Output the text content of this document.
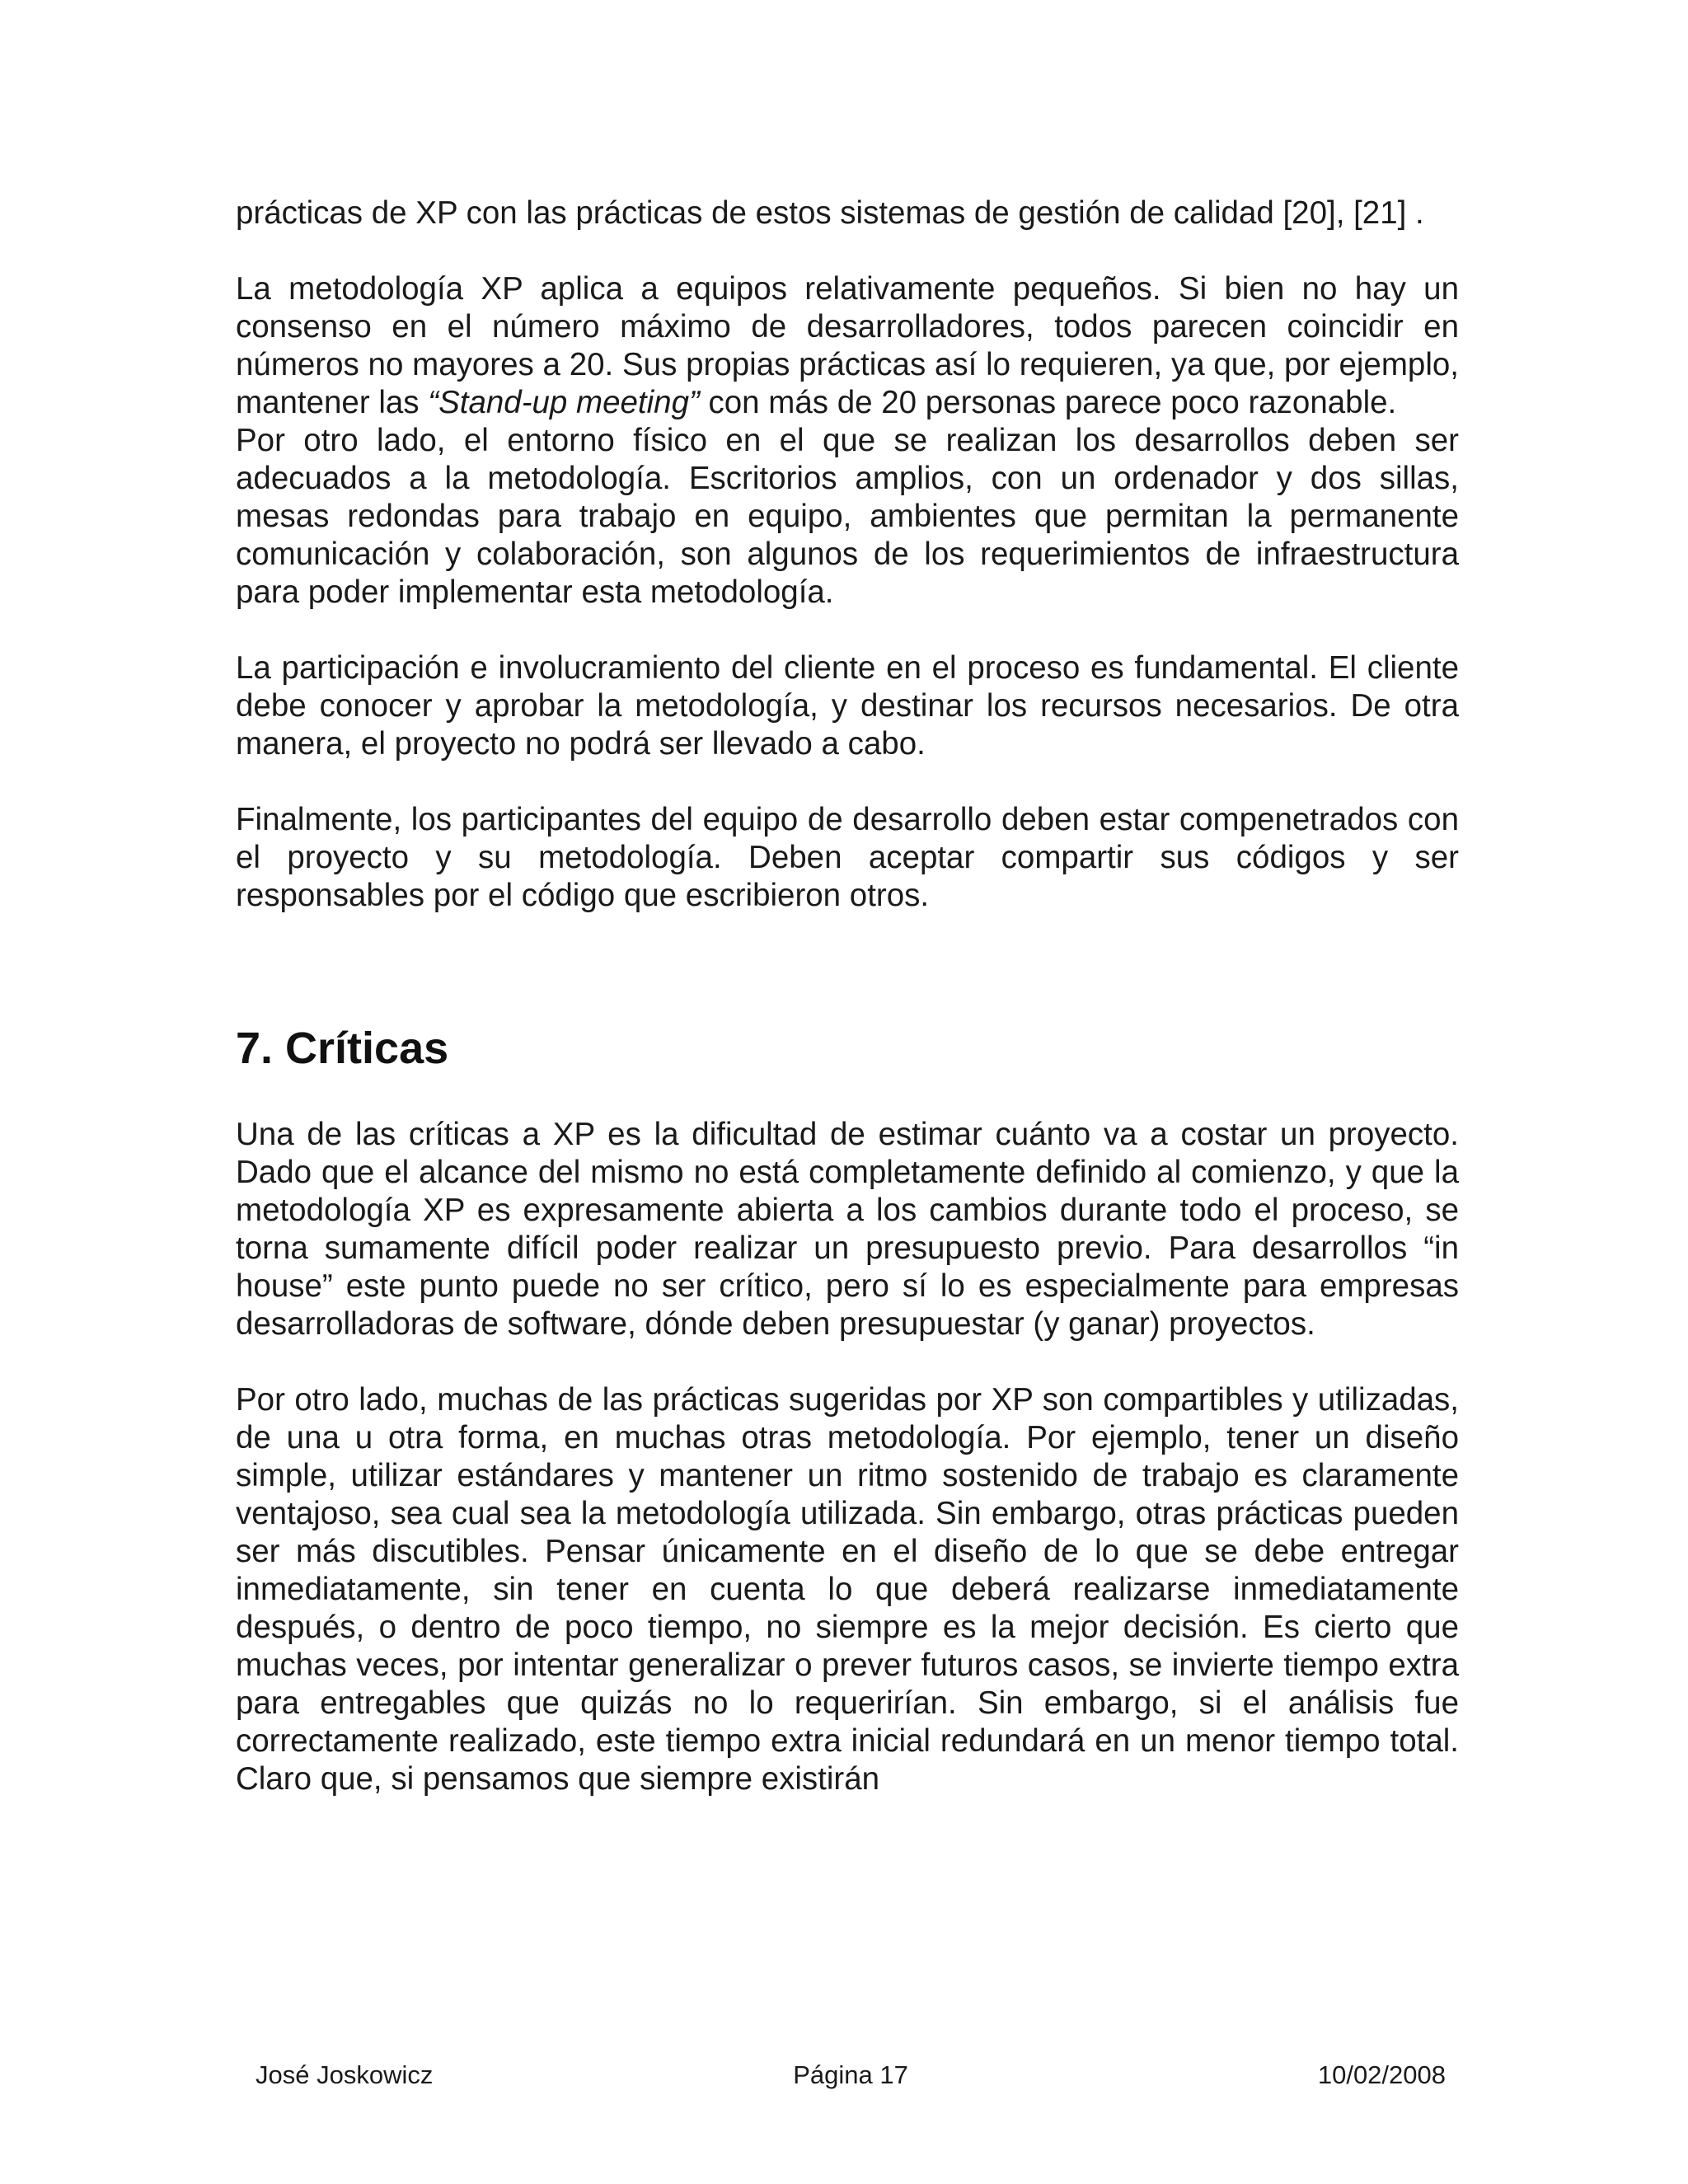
prácticas de XP con las prácticas de estos sistemas de gestión de calidad [20], [21] .

La metodología XP aplica a equipos relativamente pequeños. Si bien no hay un consenso en el número máximo de desarrolladores, todos parecen coincidir en números no mayores a 20. Sus propias prácticas así lo requieren, ya que, por ejemplo, mantener las “Stand-up meeting” con más de 20 personas parece poco razonable.

Por otro lado, el entorno físico en el que se realizan los desarrollos deben ser adecuados a la metodología. Escritorios amplios, con un ordenador y dos sillas, mesas redondas para trabajo en equipo, ambientes que permitan la permanente comunicación y colaboración, son algunos de los requerimientos de infraestructura para poder implementar esta metodología.

La participación e involucramiento del cliente en el proceso es fundamental. El cliente debe conocer y aprobar la metodología, y destinar los recursos necesarios. De otra manera, el proyecto no podrá ser llevado a cabo.

Finalmente, los participantes del equipo de desarrollo deben estar compenetrados con el proyecto y su metodología. Deben aceptar compartir sus códigos y ser responsables por el código que escribieron otros.

7. Críticas

Una de las críticas a XP es la dificultad de estimar cuánto va a costar un proyecto. Dado que el alcance del mismo no está completamente definido al comienzo, y que la metodología XP es expresamente abierta a los cambios durante todo el proceso, se torna sumamente difícil poder realizar un presupuesto previo. Para desarrollos “in house” este punto puede no ser crítico, pero sí lo es especialmente para empresas desarrolladoras de software, dónde deben presupuestar (y ganar) proyectos.

Por otro lado, muchas de las prácticas sugeridas por XP son compartibles y utilizadas, de una u otra forma, en muchas otras metodología. Por ejemplo, tener un diseño simple, utilizar estándares y mantener un ritmo sostenido de trabajo es claramente ventajoso, sea cual sea la metodología utilizada. Sin embargo, otras prácticas pueden ser más discutibles. Pensar únicamente en el diseño de lo que se debe entregar inmediatamente, sin tener en cuenta lo que deberá realizarse inmediatamente después, o dentro de poco tiempo, no siempre es la mejor decisión. Es cierto que muchas veces, por intentar generalizar o prever futuros casos, se invierte tiempo extra para entregables que quizás no lo requerirían. Sin embargo, si el análisis fue correctamente realizado, este tiempo extra inicial redundará en un menor tiempo total. Claro que, si pensamos que siempre existirán

José Joskowicz	Página 17	10/02/2008
